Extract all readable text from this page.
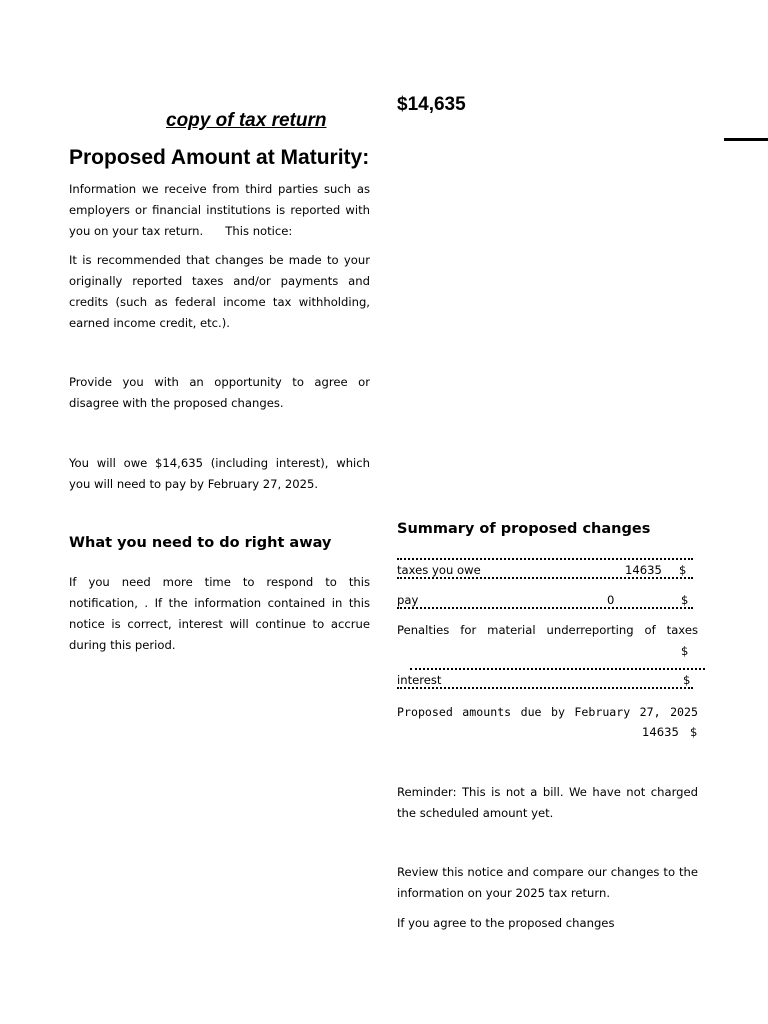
$14,635
copy of tax return
Proposed Amount at Maturity:

Information we receive from third parties such as employers or financial institutions is reported with you on your tax return.      This notice:

It is recommended that changes be made to your originally reported taxes and/or payments and credits (such as federal income tax withholding, earned income credit, etc.).

Provide you with an opportunity to agree or disagree with the proposed changes.

You will owe $14,635 (including interest), which you will need to pay by February 27, 2025.

What you need to do right away

If you need more time to respond to this notification, . If the information contained in this notice is correct, interest will continue to accrue during this period.

Summary of proposed changes
taxes you owe	14635 $
pay	0	$
Penalties for material underreporting of taxes
$
interest	$
Proposed amounts due by February 27, 2025
14635 $

Reminder: This is not a bill. We have not charged the scheduled amount yet.

Review this notice and compare our changes to the information on your 2025 tax return.

If you agree to the proposed changes
